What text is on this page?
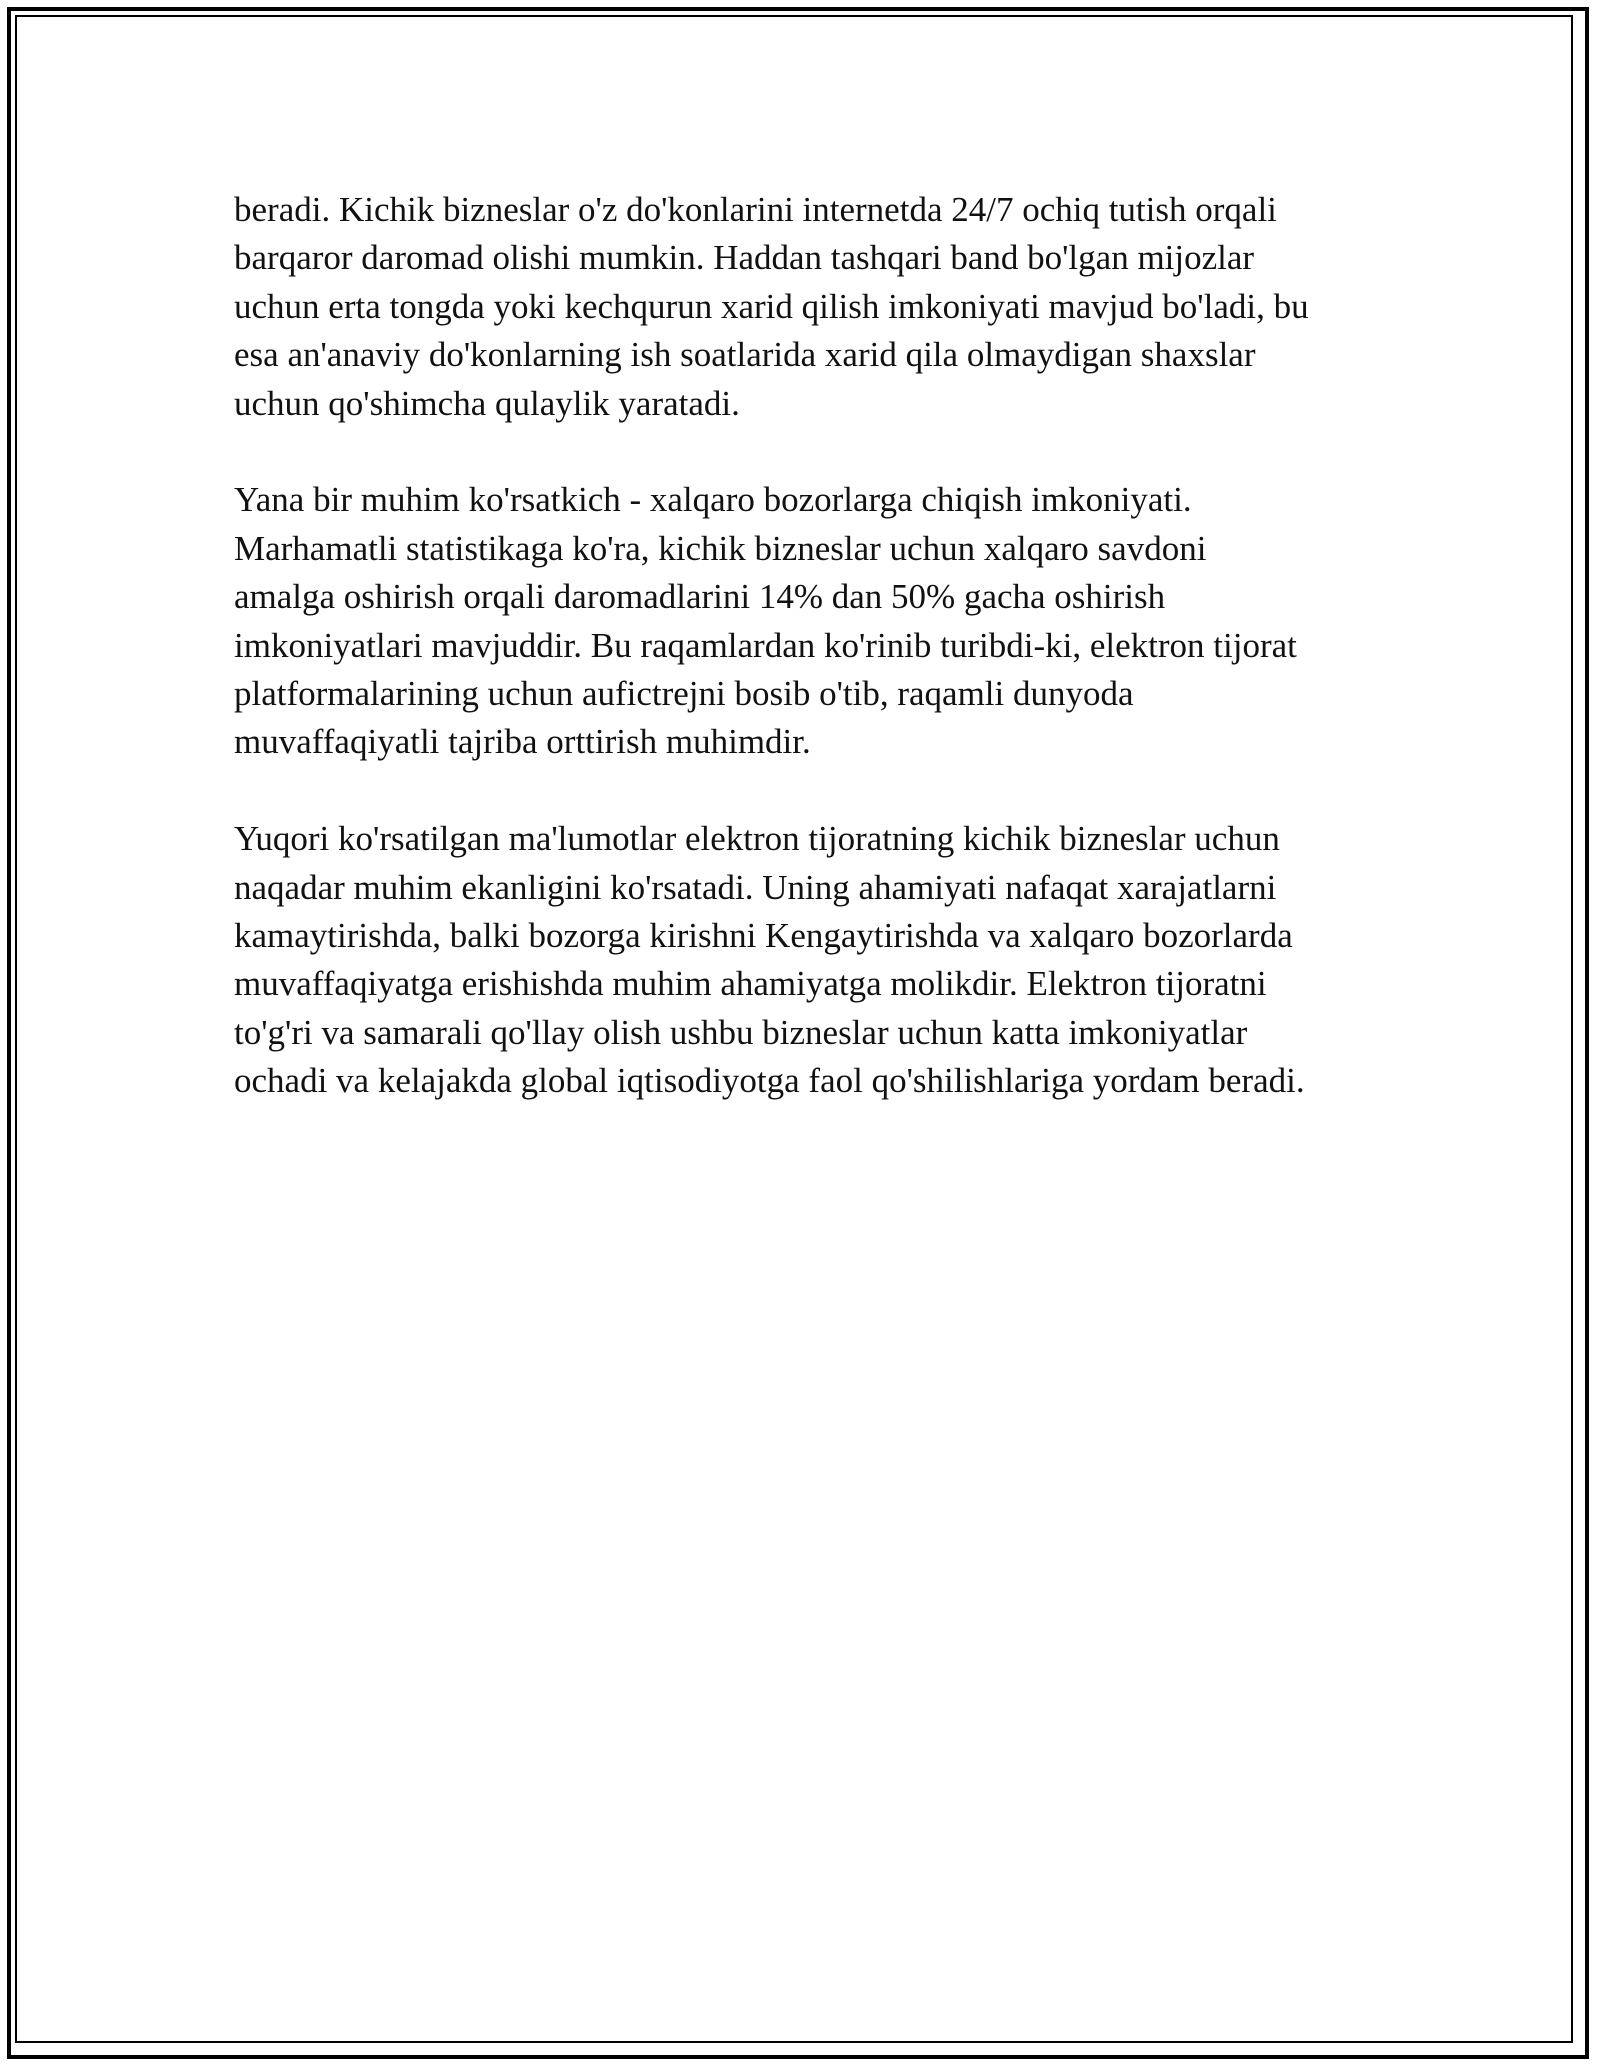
beradi. Kichik bizneslar o'z do'konlarini internetda 24/7 ochiq tutish orqali
barqaror daromad olishi mumkin. Haddan tashqari band bo'lgan mijozlar
uchun erta tongda yoki kechqurun xarid qilish imkoniyati mavjud bo'ladi, bu
esa an'anaviy do'konlarning ish soatlarida xarid qila olmaydigan shaxslar
uchun qo'shimcha qulaylik yaratadi.

Yana bir muhim ko'rsatkich - xalqaro bozorlarga chiqish imkoniyati.
Marhamatli statistikaga ko'ra, kichik bizneslar uchun xalqaro savdoni
amalga oshirish orqali daromadlarini 14% dan 50% gacha oshirish
imkoniyatlari mavjuddir. Bu raqamlardan ko'rinib turibdi-ki, elektron tijorat
platformalarining uchun aufictrejni bosib o'tib, raqamli dunyoda
muvaffaqiyatli tajriba orttirish muhimdir.

Yuqori ko'rsatilgan ma'lumotlar elektron tijoratning kichik bizneslar uchun
naqadar muhim ekanligini ko'rsatadi. Uning ahamiyati nafaqat xarajatlarni
kamaytirishda, balki bozorga kirishni Kengaytirishda va xalqaro bozorlarda
muvaffaqiyatga erishishda muhim ahamiyatga molikdir. Elektron tijoratni
to'g'ri va samarali qo'llay olish ushbu bizneslar uchun katta imkoniyatlar
ochadi va kelajakda global iqtisodiyotga faol qo'shilishlariga yordam beradi.
